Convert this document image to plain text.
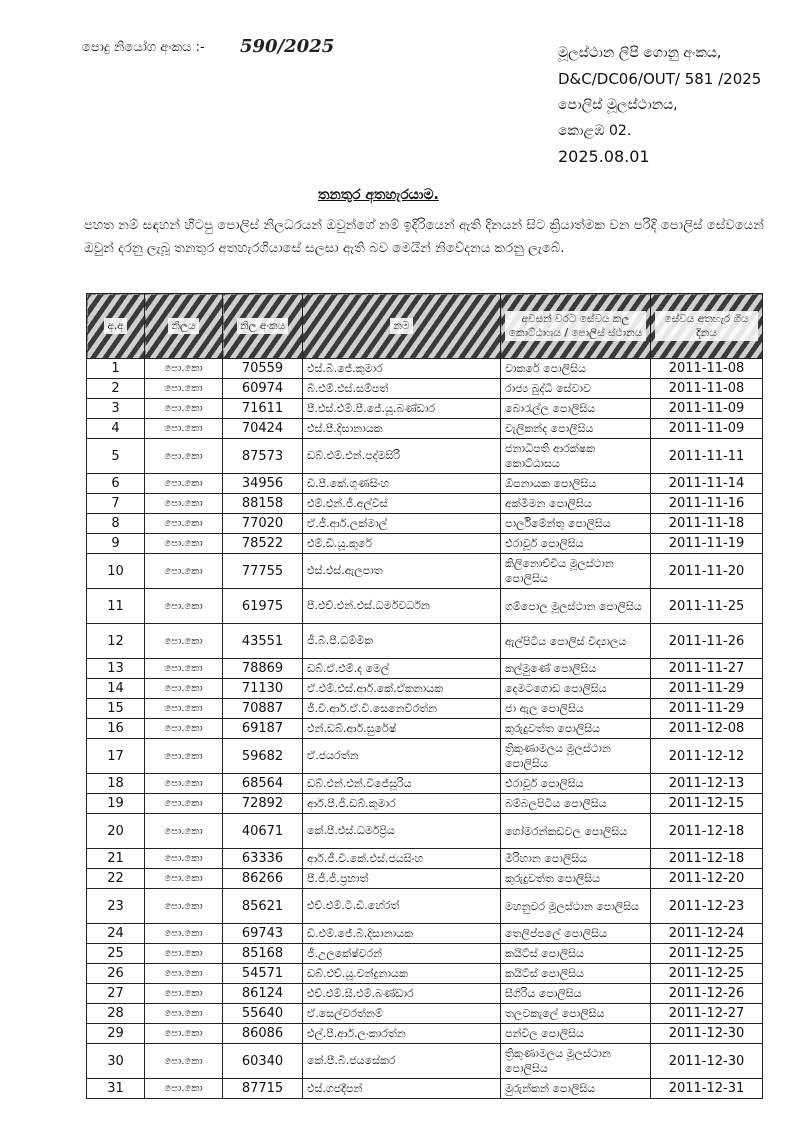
පොදු නියෝග අංකය :- 590/2025	මූලස්ථාන ලිපි ගොනු අංකය,
D&C/DC06/OUT/ 581 /2025
පොලිස් මූලස්ථානය,
කොළඹ 02.
2025.08.01
තනතුර අතහැරයාම.
පහත නම් සඳහන් හිටපු පොලිස් නිලධරයන් ඔවුන්ගේ නම් ඉදිරියෙන් ඇති දිනයන් සිට ක්‍රියාත්මක වන පරිදි පොලිස් සේවයෙන් ඔවුන් දරනු ලැබූ තනතුර අතහැරගියාසේ සලසා ඇති බව මෙයින් නිවේදනය කරනු ලැබේ.
අ.අ	නිලය	නිල අංකය	නම	අවසන් වරට සේවය කල කොට්ඨාශය / පොලිස් ස්ථානය	සේවය අතහැර ගිය දිනය
1	පො.කො	70559	එස්.බී.ජේ.කුමාර	වාකරේ පොලිසිය	2011-11-08
2	පො.කො	60974	බී.එම්.එස්.සම්පත්	රාජ්‍ය බුද්ධි සේවාව	2011-11-08
3	පො.කො	71611	පී.එස්.එම්.පී.ජේ.යූ.බණ්ඩාර	බොරැල්ල පොලිසිය	2011-11-09
4	පො.කො	70424	එස්.පී.දිසානායක	වැලිකන්ද පොලිසිය	2011-11-09
5	පො.කො	87573	ඩබ්.එම්.එන්.පද්මසිරි	ජනාධිපති ආරක්ෂක කොට්ඨාසය	2011-11-11
6	පො.කො	34956	ඩී.පී.කේ.ගුණසිංහ	ඕපනායක පොලිසිය	2011-11-14
7	පො.කො	88158	එම්.එන්.ජී.අල්විස්	අක්මීමන පොලිසිය	2011-11-16
8	පො.කො	77020	ඒ.ජී.ආර්.ලක්මාල්	පාර්ලිමේන්තු පොලිසිය	2011-11-18
9	පො.කො	78522	එම්.ඩී.යූ.කුරේ	එරාවූර් පොලිසිය	2011-11-19
10	පො.කො	77755	එස්.එස්.ඇලපාත	කිලිනොච්චිය මූලස්ථාන පොලිසිය	2011-11-20
11	පො.කො	61975	පී.එච්.එන්.එස්.ධර්මවර්ධන	ගම්පොල මූලස්ථාන පොලිසිය	2011-11-25
12	පො.කො	43551	ජී.බී.පී.ධම්මික	ඇල්පිටිය පොලිස් විද්‍යාලය	2011-11-26
13	පො.කො	78869	ඩබ්.ඒ.එම්.ද මෙල්	කල්මුණේ පොලිසිය	2011-11-27
14	පො.කො	71130	ඒ.එම්.එස්.ආර්.කේ.ඒකනායක	දෙමටගොඩ පොලිසිය	2011-11-29
15	පො.කො	70887	ජී.වී.ආර්.ඒ.වී.සෙනෙවිරත්න	ජා ඇල පොලිසිය	2011-11-29
16	පො.කො	69187	එන්.ඩබ්.ආර්.සුරේෂ්	කුරුදුවත්ත පොලිසිය	2011-12-08
17	පො.කො	59682	ඒ.ජයරත්න	ත්‍රිකුණාමලය මූලස්ථාන පොලිසිය	2011-12-12
18	පො.කො	68564	ඩබ්.එන්.එන්.විජේසූරිය	එරාවූර් පොලිසිය	2011-12-13
19	පො.කො	72892	ආර්.පී.ජී.ඩබ්.කුමාර	බම්බලපිටිය පොලිසිය	2011-12-15
20	පො.කො	40671	කේ.පී.එස්.ධර්මප්‍රිය	ගෝමරන්කඩවල පොලිසිය	2011-12-18
21	පො.කො	63336	ආර්.ජී.වී.කේ.එස්.ජයසිංහ	මිරිහාන පොලිසිය	2011-12-18
22	පො.කො	86266	පී.ජී.ජී.ප්‍රභාත්	කුරුදුවත්ත පොලිසිය	2011-12-20
23	පො.කො	85621	එච්.එම්.ටී.ඩී.හේරත්	මහනුවර මූලස්ථාන පොලිසිය	2011-12-23
24	පො.කො	69743	ඩී.එම්.ජේ.බී.දිසානායක	තෙලිප්පලේ පොලිසිය	2011-12-24
25	පො.කො	85168	ජී.උලකේෂ්වරන්	කයිට්ස් පොලිසිය	2011-12-25
26	පො.කො	54571	ඩබ්.එච්.යූ.චන්ද්‍රනායක	කයිට්ස් පොලිසිය	2011-12-25
27	පො.කො	86124	එච්.එම්.සී.එම්.බණ්ඩාර	සීගිරිය පොලිසිය	2011-12-26
28	පො.කො	55640	ඒ.සෙල්වරත්නම්	තලවකැලේ පොලිසිය	2011-12-27
29	පො.කො	86086	එල්.පී.ආර්.ලංකාරත්න	පන්විල පොලිසිය	2011-12-30
30	පො.කො	60340	කේ.පී.බී.ජයසේකර	ත්‍රිකුණාමලය මූලස්ථාන පොලිසිය	2011-12-30
31	පො.කො	87715	එස්.ගජදීපන්	මුරුන්කන් පොලිසිය	2011-12-31
